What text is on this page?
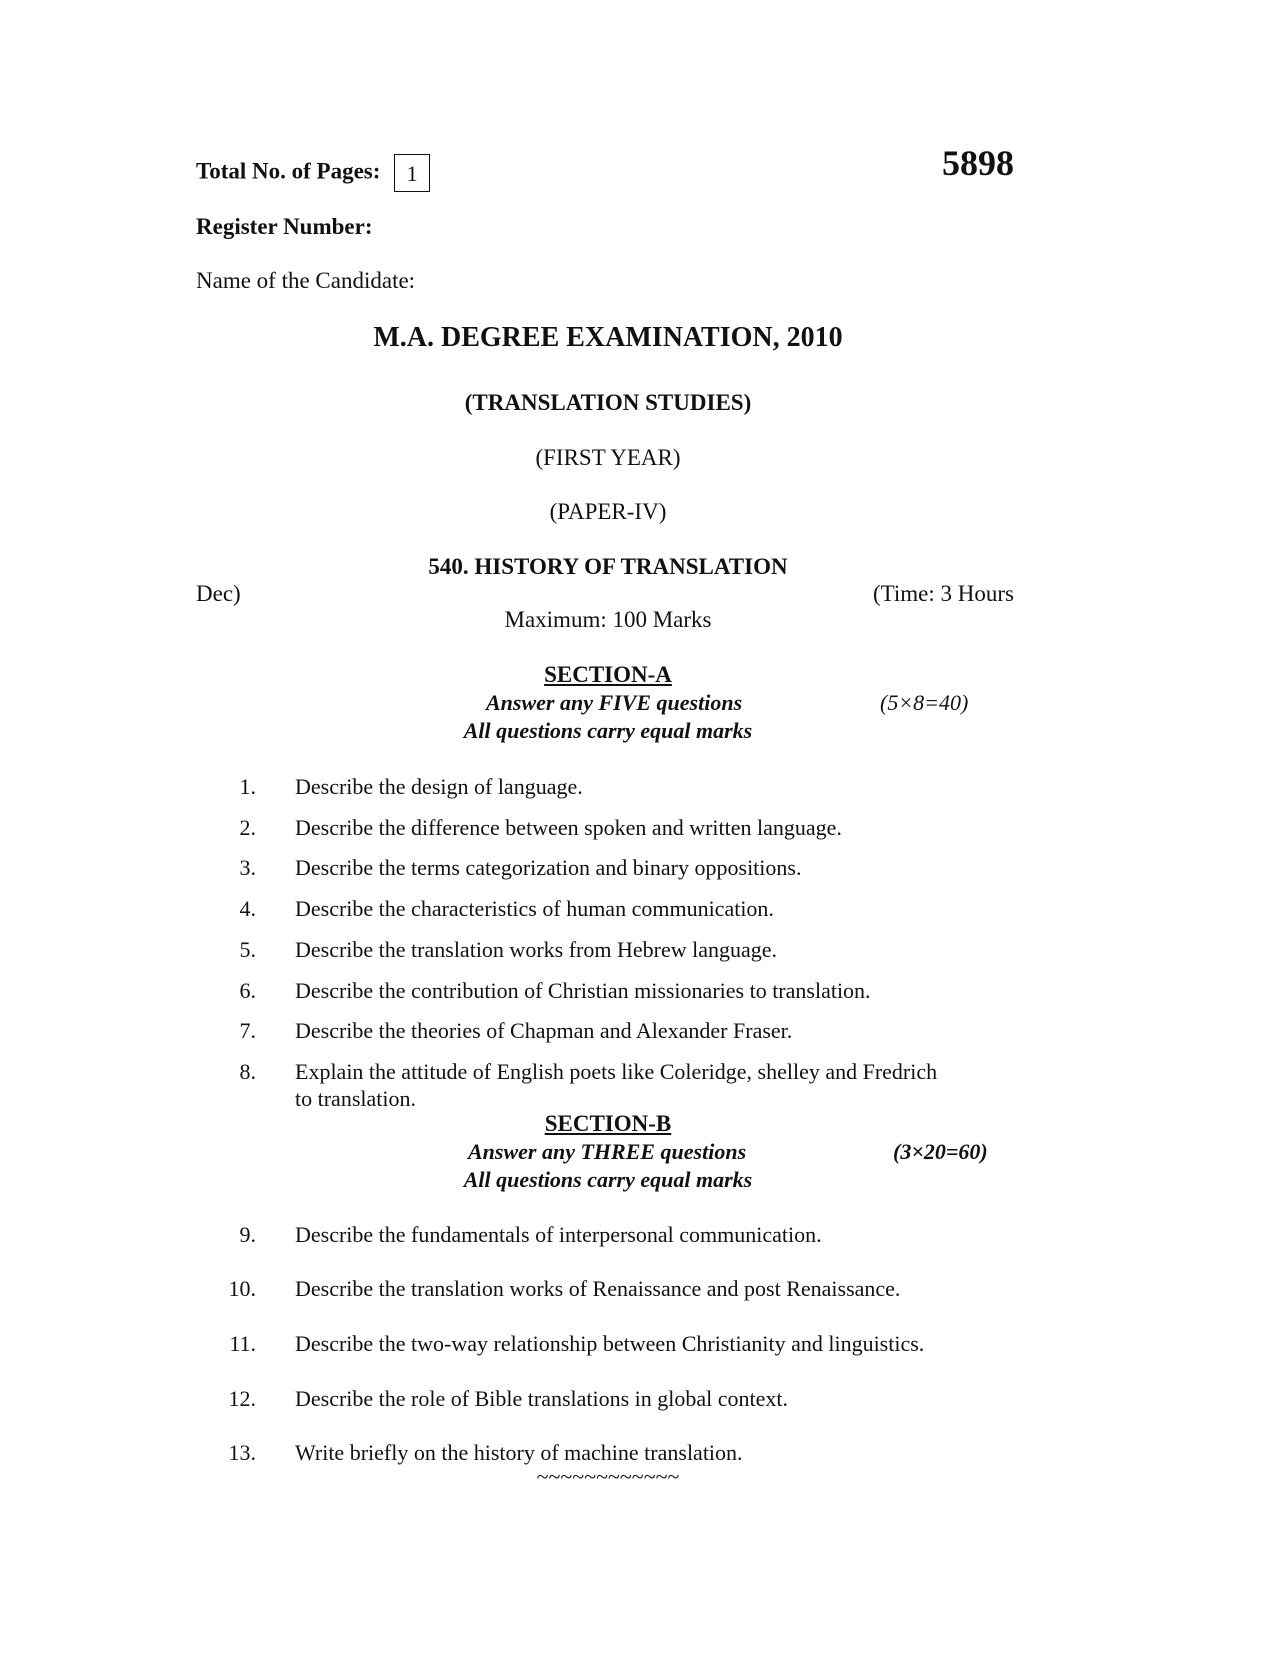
Total No. of Pages: 1	5898
Register Number:
Name of the Candidate:
M.A. DEGREE EXAMINATION, 2010
(TRANSLATION STUDIES)
(FIRST YEAR)
(PAPER-IV)
540. HISTORY OF TRANSLATION
Dec)	(Time: 3 Hours
Maximum: 100 Marks
SECTION-A
Answer any FIVE questions	(5×8=40)
All questions carry equal marks
1. Describe the design of language.
2. Describe the difference between spoken and written language.
3. Describe the terms categorization and binary oppositions.
4. Describe the characteristics of human communication.
5. Describe the translation works from Hebrew language.
6. Describe the contribution of Christian missionaries to translation.
7. Describe the theories of Chapman and Alexander Fraser.
8. Explain the attitude of English poets like Coleridge, shelley and Fredrich
to translation.
SECTION-B
Answer any THREE questions	(3×20=60)
All questions carry equal marks
9. Describe the fundamentals of interpersonal communication.
10. Describe the translation works of Renaissance and post Renaissance.
11. Describe the two-way relationship between Christianity and linguistics.
12. Describe the role of Bible translations in global context.
13. Write briefly on the history of machine translation.
~~~~~~~~~~~~
